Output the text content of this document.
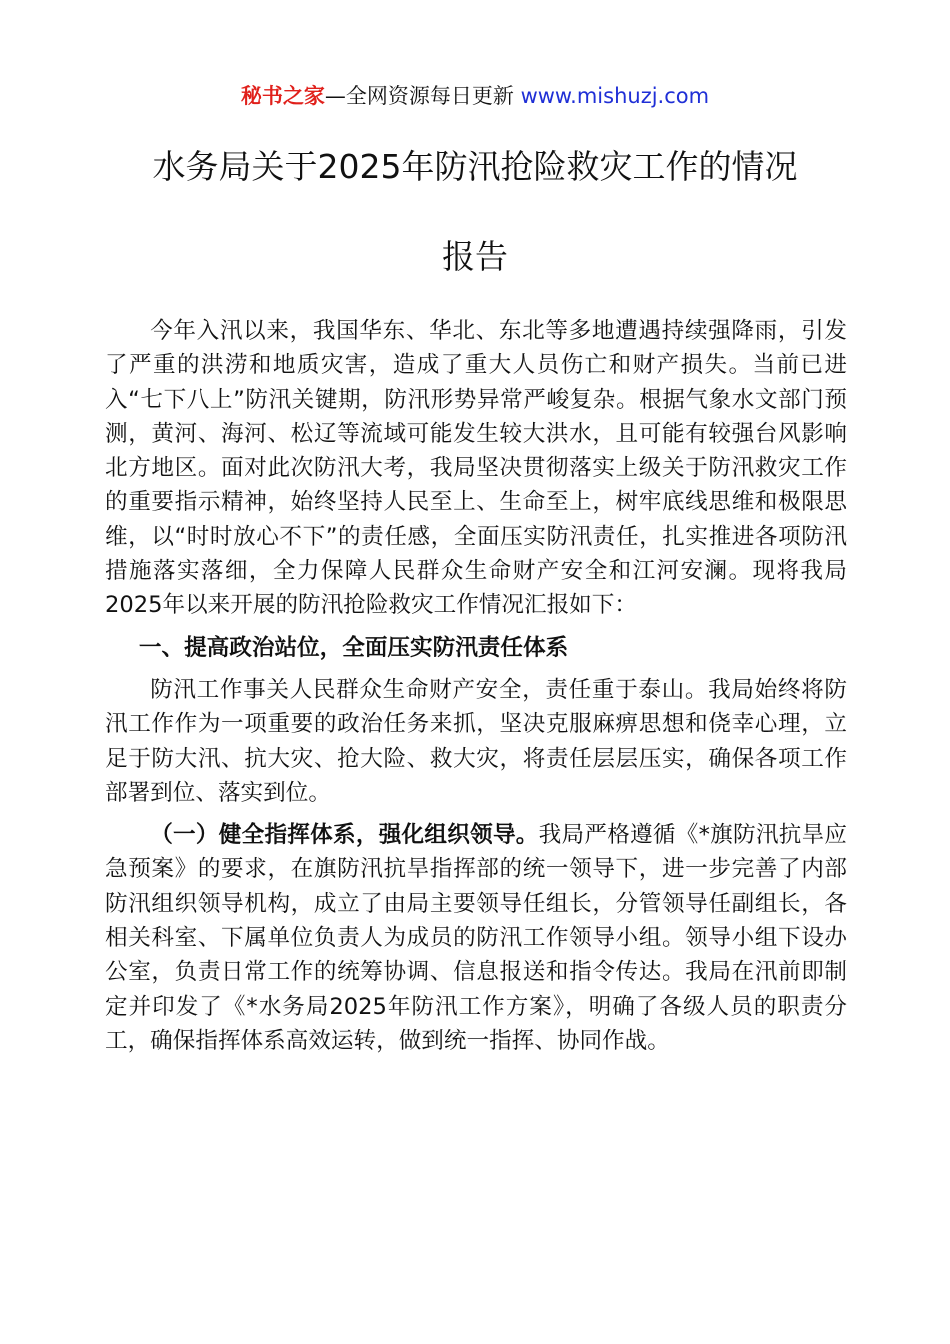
秘书之家—全网资源每日更新 www.mishuzj.com
水务局关于2025年防汛抢险救灾工作的情况
报告

今年入汛以来，我国华东、华北、东北等多地遭遇持续强降雨，引发了严重的洪涝和地质灾害，造成了重大人员伤亡和财产损失。当前已进入“七下八上”防汛关键期，防汛形势异常严峻复杂。根据气象水文部门预测，黄河、海河、松辽等流域可能发生较大洪水，且可能有较强台风影响北方地区。面对此次防汛大考，我局坚决贯彻落实上级关于防汛救灾工作的重要指示精神，始终坚持人民至上、生命至上，树牢底线思维和极限思维，以“时时放心不下”的责任感，全面压实防汛责任，扎实推进各项防汛措施落实落细，全力保障人民群众生命财产安全和江河安澜。现将我局2025年以来开展的防汛抢险救灾工作情况汇报如下：

一、提高政治站位，全面压实防汛责任体系

防汛工作事关人民群众生命财产安全，责任重于泰山。我局始终将防汛工作作为一项重要的政治任务来抓，坚决克服麻痹思想和侥幸心理，立足于防大汛、抗大灾、抢大险、救大灾，将责任层层压实，确保各项工作部署到位、落实到位。

（一）健全指挥体系，强化组织领导。我局严格遵循《*旗防汛抗旱应急预案》的要求，在旗防汛抗旱指挥部的统一领导下，进一步完善了内部防汛组织领导机构，成立了由局主要领导任组长，分管领导任副组长，各相关科室、下属单位负责人为成员的防汛工作领导小组。领导小组下设办公室，负责日常工作的统筹协调、信息报送和指令传达。我局在汛前即制定并印发了《*水务局2025年防汛工作方案》，明确了各级人员的职责分工，确保指挥体系高效运转，做到统一指挥、协同作战。
